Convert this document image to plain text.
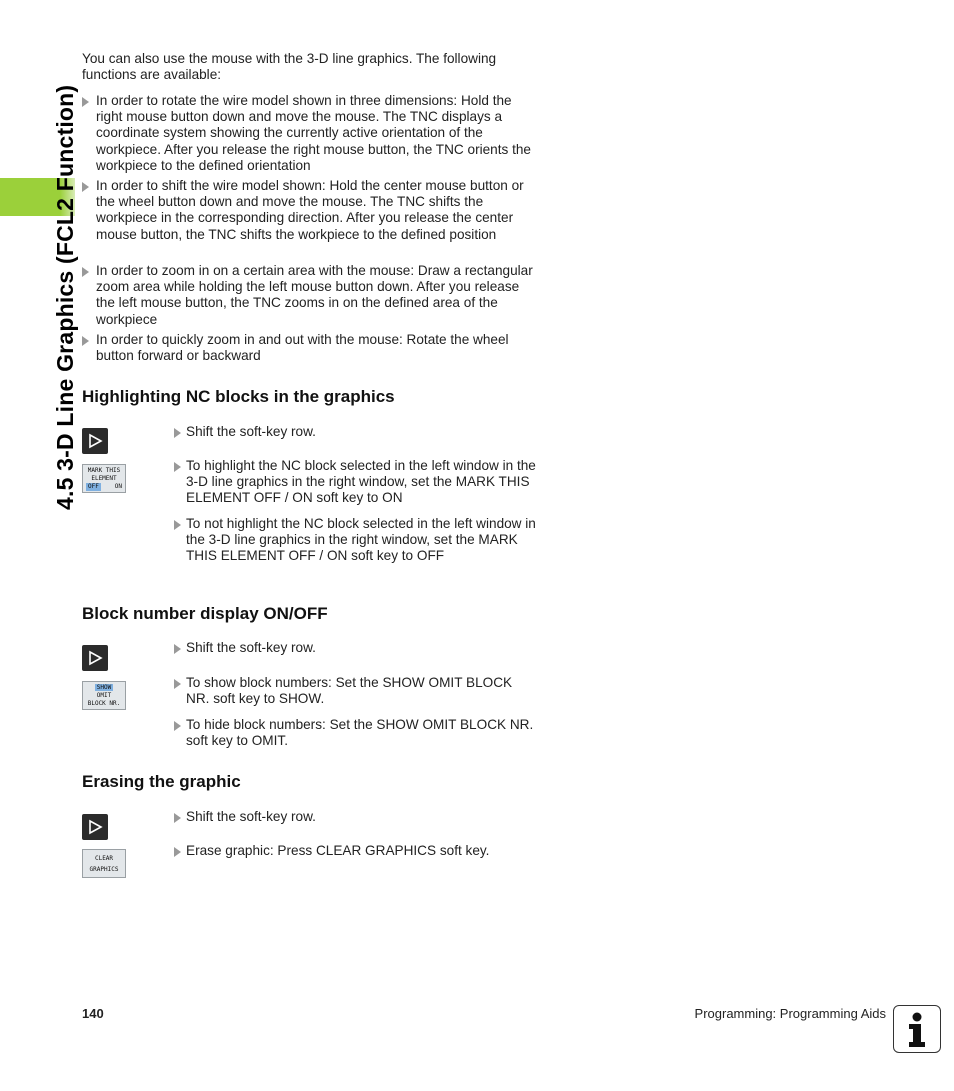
4.5 3-D Line Graphics (FCL2 Function)

You can also use the mouse with the 3-D line graphics. The following functions are available:

In order to rotate the wire model shown in three dimensions: Hold the right mouse button down and move the mouse. The TNC displays a coordinate system showing the currently active orientation of the workpiece. After you release the right mouse button, the TNC orients the workpiece to the defined orientation
In order to shift the wire model shown: Hold the center mouse button or the wheel button down and move the mouse. The TNC shifts the workpiece in the corresponding direction. After you release the center mouse button, the TNC shifts the workpiece to the defined position
In order to zoom in on a certain area with the mouse: Draw a rectangular zoom area while holding the left mouse button down. After you release the left mouse button, the TNC zooms in on the defined area of the workpiece
In order to quickly zoom in and out with the mouse: Rotate the wheel button forward or backward
Highlighting NC blocks in the graphics
Shift the soft-key row.
MARK THIS
ELEMENT
OFF	ON
To highlight the NC block selected in the left window in the 3-D line graphics in the right window, set the MARK THIS ELEMENT OFF / ON soft key to ON
To not highlight the NC block selected in the left window in the 3-D line graphics in the right window, set the MARK THIS ELEMENT OFF / ON soft key to OFF
Block number display ON/OFF
Shift the soft-key row.
SHOW
OMIT
BLOCK NR.
To show block numbers: Set the SHOW OMIT BLOCK NR. soft key to SHOW.
To hide block numbers: Set the SHOW OMIT BLOCK NR. soft key to OMIT.
Erasing the graphic
Shift the soft-key row.
CLEAR
GRAPHICS
Erase graphic: Press CLEAR GRAPHICS soft key.
140	Programming: Programming Aids
